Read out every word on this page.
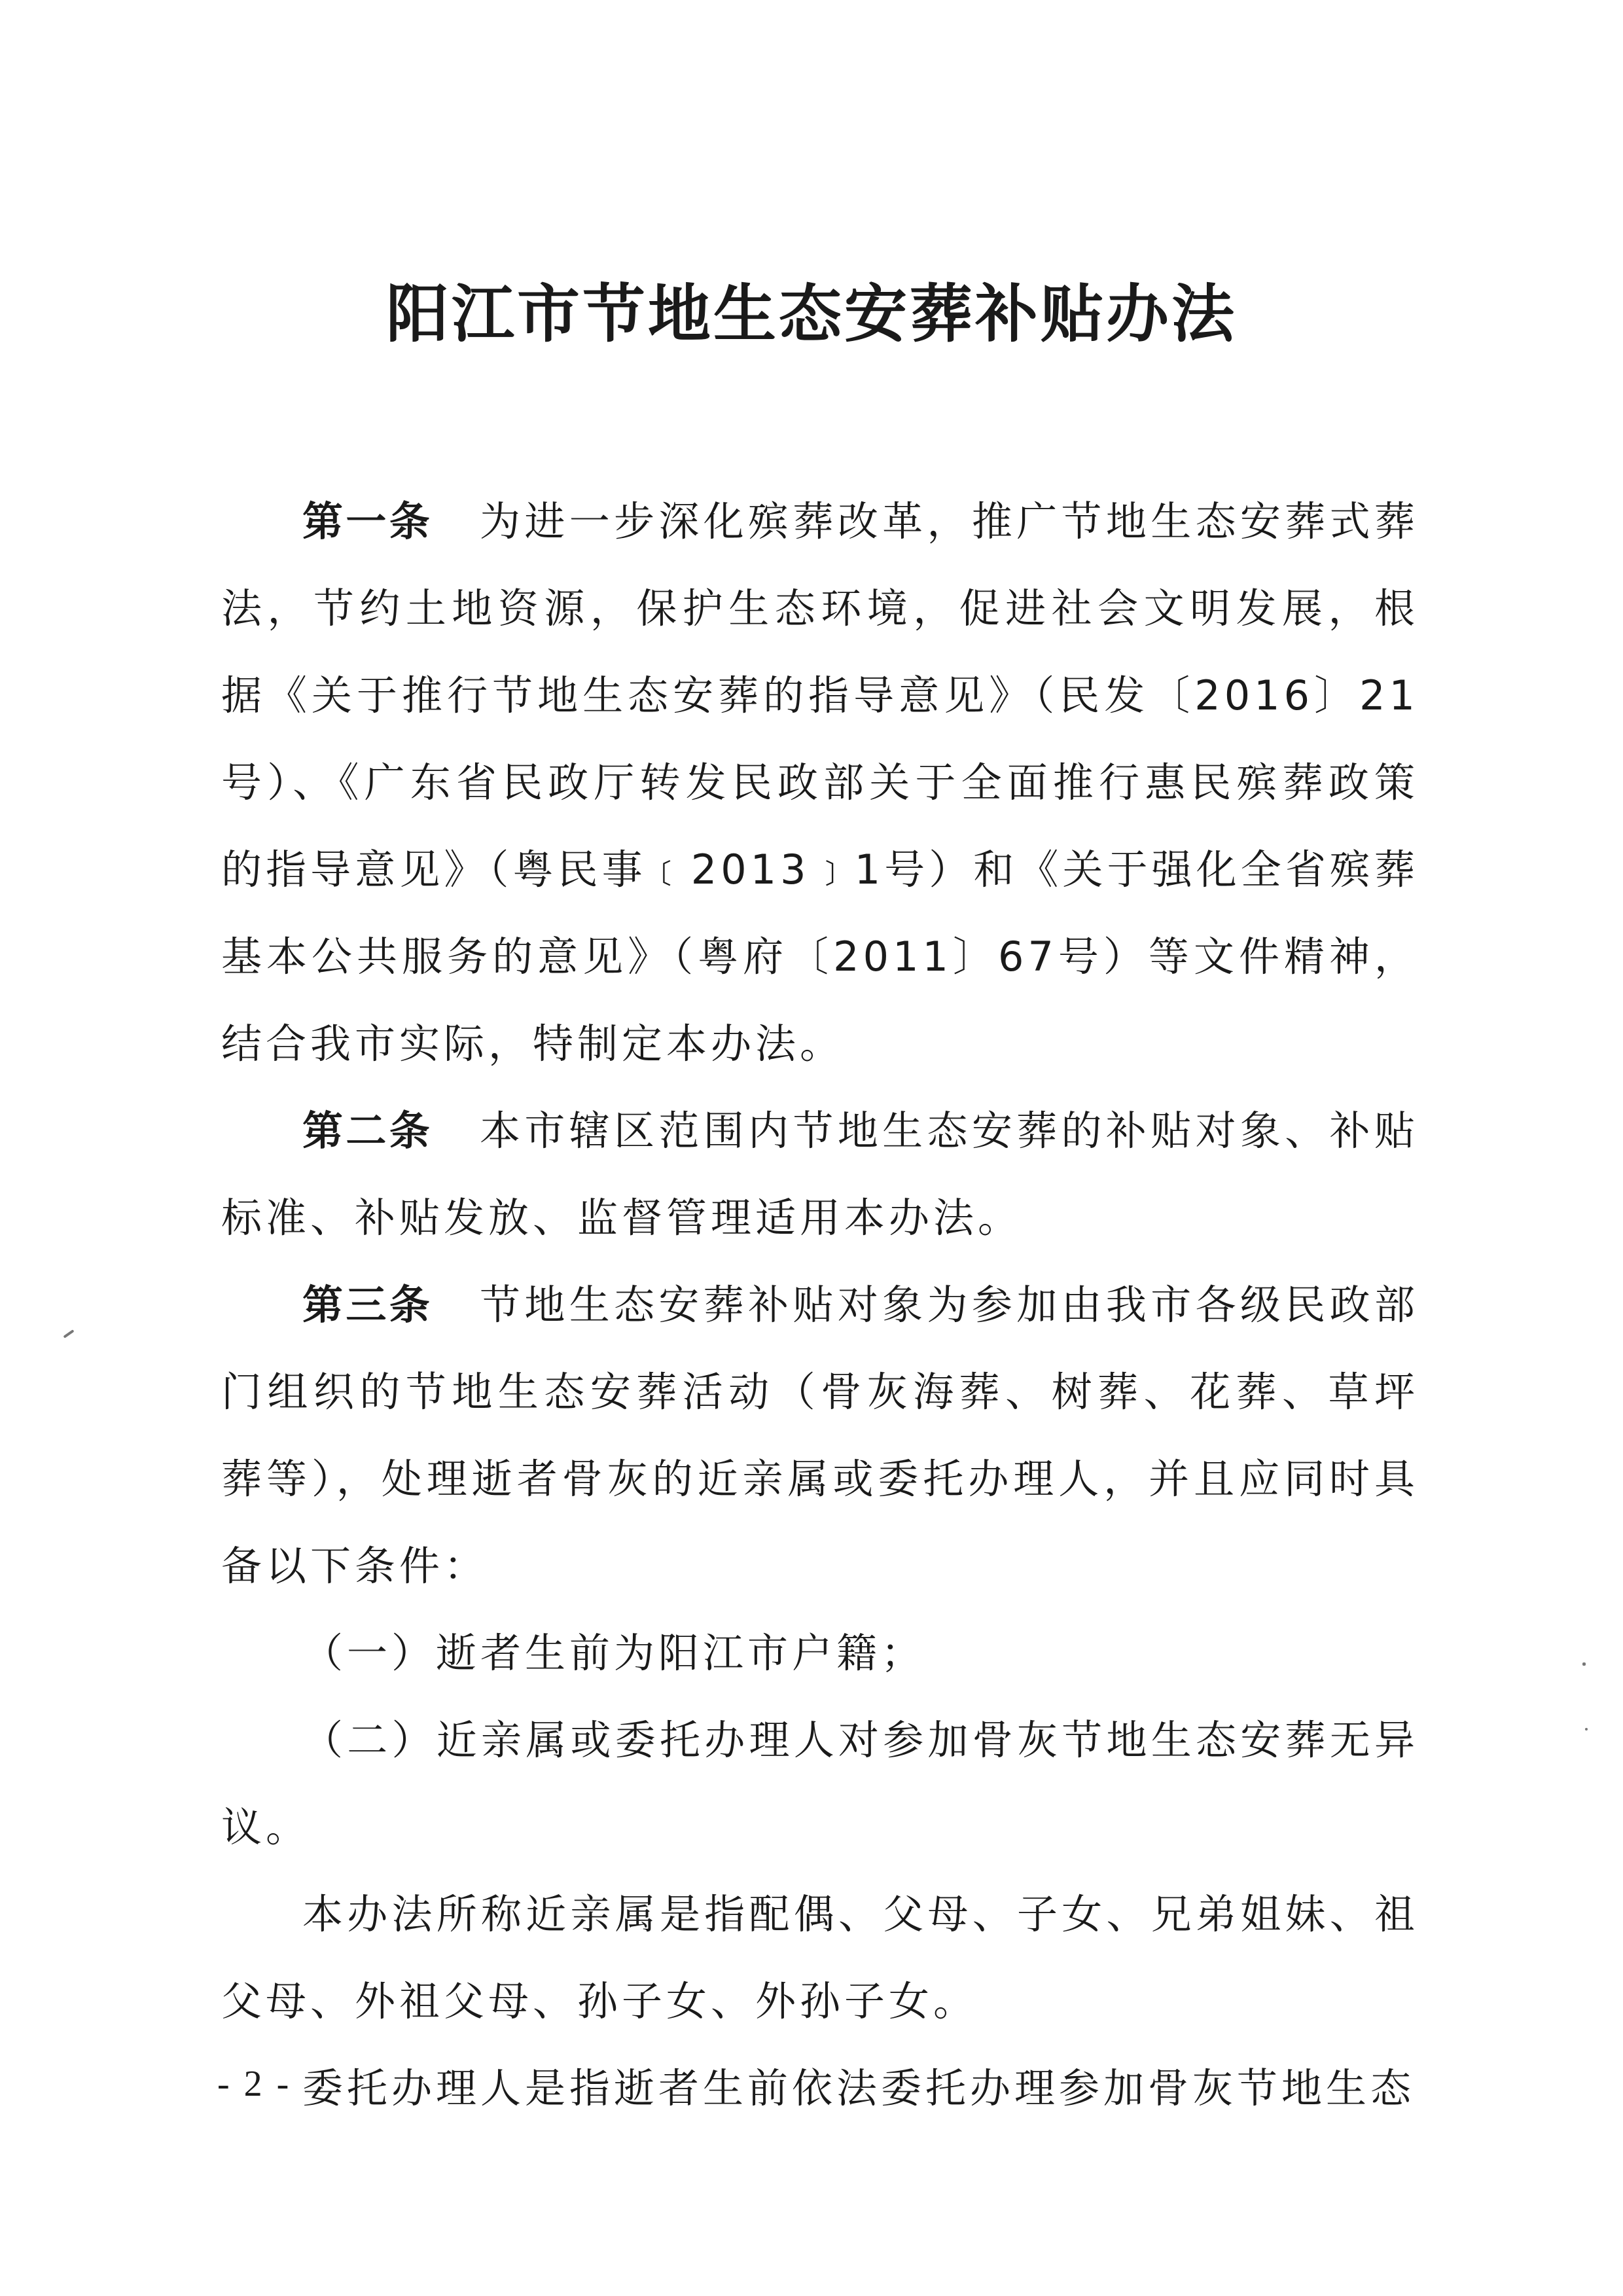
阳江市节地生态安葬补贴办法

第一条 为进一步深化殡葬改革，推广节地生态安葬式葬法，节约土地资源，保护生态环境，促进社会文明发展，根据《关于推行节地生态安葬的指导意见》（民发〔2016〕21号）、《广东省民政厅转发民政部关于全面推行惠民殡葬政策的指导意见》（粤民事﹝2013﹞1号）和《关于强化全省殡葬基本公共服务的意见》（粤府〔2011〕67号）等文件精神，结合我市实际，特制定本办法。

第二条 本市辖区范围内节地生态安葬的补贴对象、补贴标准、补贴发放、监督管理适用本办法。

第三条 节地生态安葬补贴对象为参加由我市各级民政部门组织的节地生态安葬活动（骨灰海葬、树葬、花葬、草坪葬等），处理逝者骨灰的近亲属或委托办理人，并且应同时具备以下条件：

（一）逝者生前为阳江市户籍；

（二）近亲属或委托办理人对参加骨灰节地生态安葬无异议。

本办法所称近亲属是指配偶、父母、子女、兄弟姐妹、祖父母、外祖父母、孙子女、外孙子女。

委托办理人是指逝者生前依法委托办理参加骨灰节地生态

- 2 -
